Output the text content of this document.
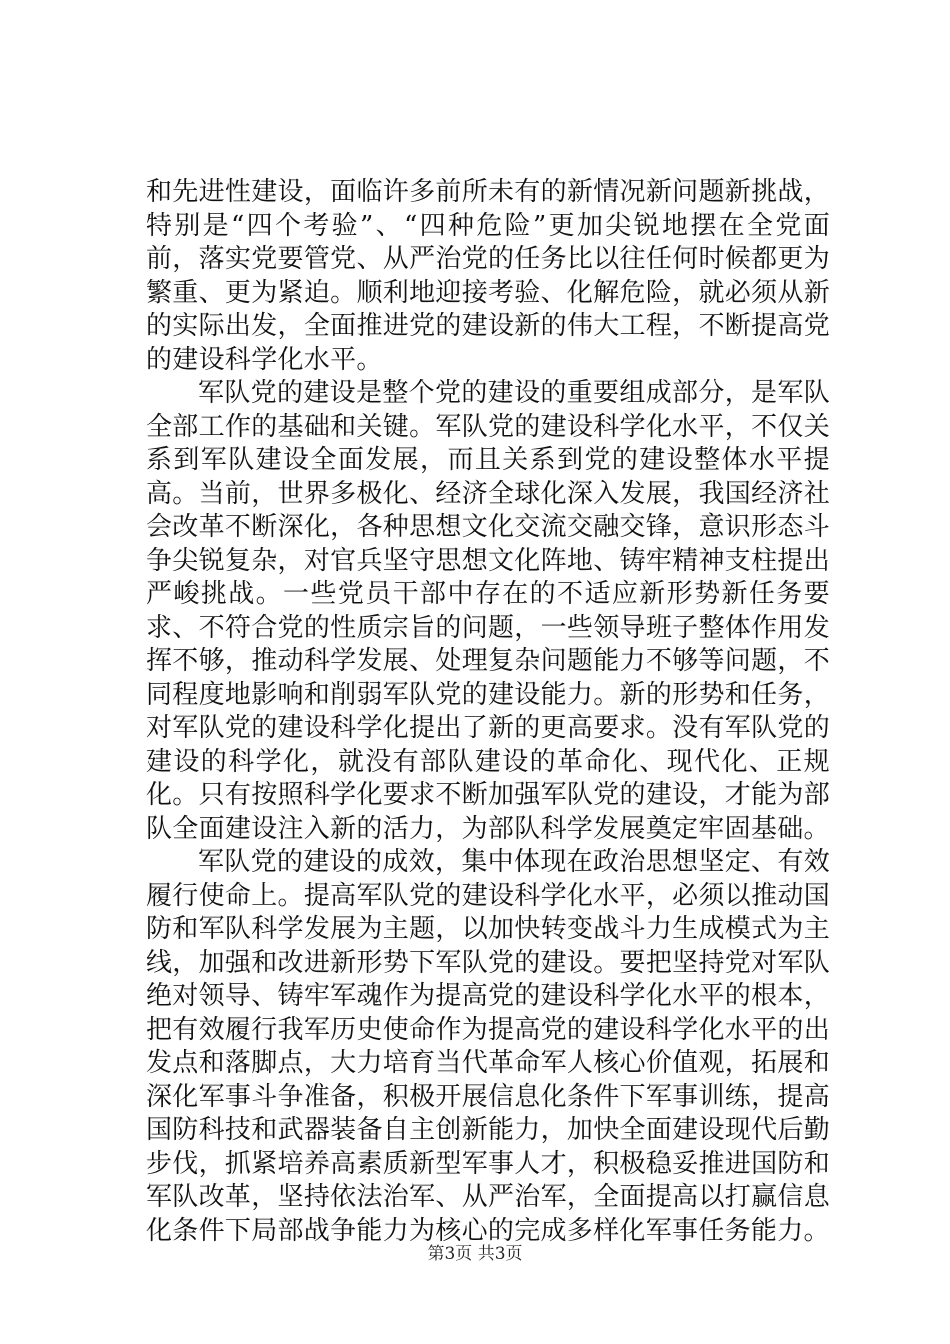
和先进性建设，面临许多前所未有的新情况新问题新挑战，特别是“四个考验”、“四种危险”更加尖锐地摆在全党面前，落实党要管党、从严治党的任务比以往任何时候都更为繁重、更为紧迫。顺利地迎接考验、化解危险，就必须从新的实际出发，全面推进党的建设新的伟大工程，不断提高党的建设科学化水平。

军队党的建设是整个党的建设的重要组成部分，是军队全部工作的基础和关键。军队党的建设科学化水平，不仅关系到军队建设全面发展，而且关系到党的建设整体水平提高。当前，世界多极化、经济全球化深入发展，我国经济社会改革不断深化，各种思想文化交流交融交锋，意识形态斗争尖锐复杂，对官兵坚守思想文化阵地、铸牢精神支柱提出严峻挑战。一些党员干部中存在的不适应新形势新任务要求、不符合党的性质宗旨的问题，一些领导班子整体作用发挥不够，推动科学发展、处理复杂问题能力不够等问题，不同程度地影响和削弱军队党的建设能力。新的形势和任务，对军队党的建设科学化提出了新的更高要求。没有军队党的建设的科学化，就没有部队建设的革命化、现代化、正规化。只有按照科学化要求不断加强军队党的建设，才能为部队全面建设注入新的活力，为部队科学发展奠定牢固基础。

军队党的建设的成效，集中体现在政治思想坚定、有效履行使命上。提高军队党的建设科学化水平，必须以推动国防和军队科学发展为主题，以加快转变战斗力生成模式为主线，加强和改进新形势下军队党的建设。要把坚持党对军队绝对领导、铸牢军魂作为提高党的建设科学化水平的根本，把有效履行我军历史使命作为提高党的建设科学化水平的出发点和落脚点，大力培育当代革命军人核心价值观，拓展和深化军事斗争准备，积极开展信息化条件下军事训练，提高国防科技和武器装备自主创新能力，加快全面建设现代后勤步伐，抓紧培养高素质新型军事人才，积极稳妥推进国防和军队改革，坚持依法治军、从严治军，全面提高以打赢信息化条件下局部战争能力为核心的完成多样化军事任务能力。

第3页 共3页
